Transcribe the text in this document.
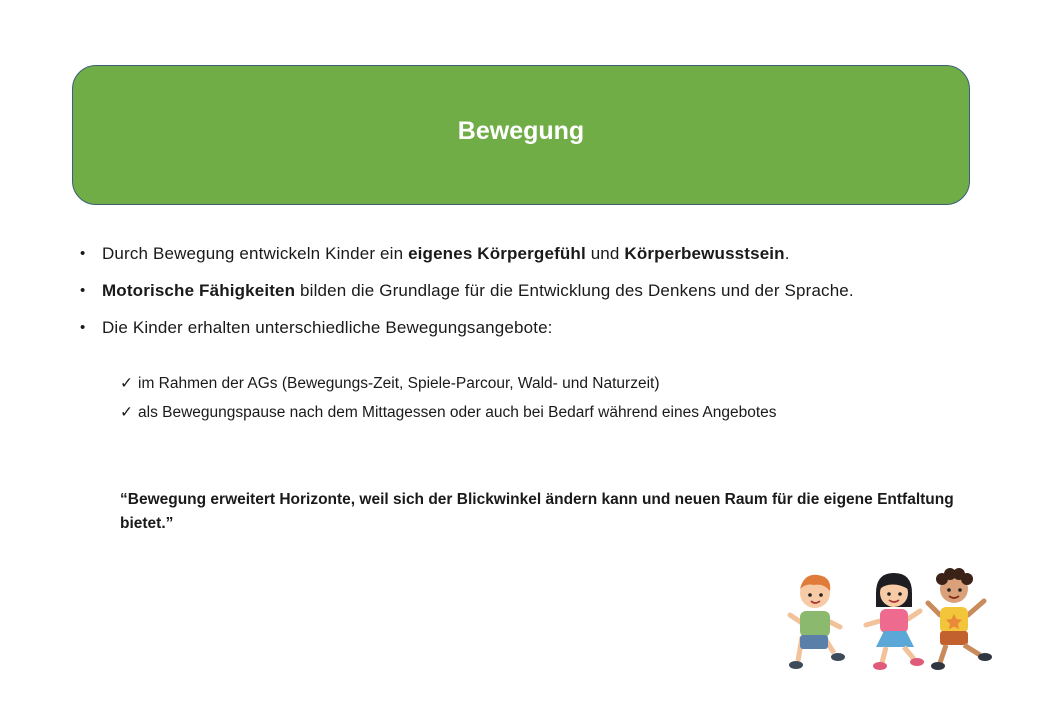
Bewegung
• Durch Bewegung entwickeln Kinder ein eigenes Körpergefühl und Körperbewusstsein.
• Motorische Fähigkeiten bilden die Grundlage für die Entwicklung des Denkens und der Sprache.
• Die Kinder erhalten unterschiedliche Bewegungsangebote:
✓ im Rahmen der AGs (Bewegungs-Zeit, Spiele-Parcour, Wald- und Naturzeit)
✓ als Bewegungspause nach dem Mittagessen oder auch bei Bedarf während eines Angebotes

“Bewegung erweitert Horizonte, weil sich der Blickwinkel ändern kann und neuen Raum für die eigene Entfaltung bietet.”
